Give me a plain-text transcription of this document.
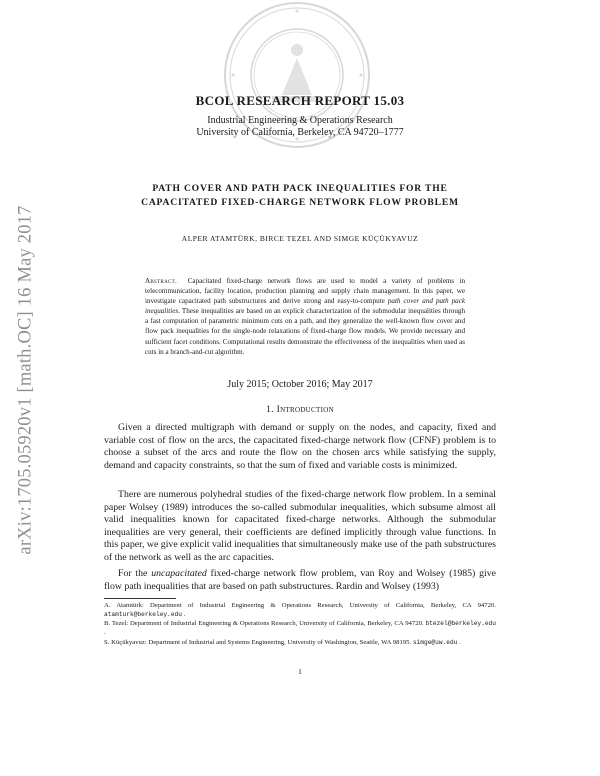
arXiv:1705.05920v1 [math.OC] 16 May 2017
BCOL RESEARCH REPORT 15.03
Industrial Engineering & Operations Research
University of California, Berkeley, CA 94720–1777
PATH COVER AND PATH PACK INEQUALITIES FOR THE
CAPACITATED FIXED-CHARGE NETWORK FLOW PROBLEM
ALPER ATAMTÜRK, BIRCE TEZEL AND SIMGE KÜÇÜKYAVUZ
Abstract. Capacitated fixed-charge network flows are used to model a variety of problems in telecommunication, facility location, production planning and supply chain management. In this paper, we investigate capacitated path substructures and derive strong and easy-to-compute path cover and path pack inequalities. These inequalities are based on an explicit characterization of the submodular inequalities through a fast computation of parametric minimum cuts on a path, and they generalize the well-known flow cover and flow pack inequalities for the single-node relaxations of fixed-charge flow models. We provide necessary and sufficient facet conditions. Computational results demonstrate the effectiveness of the inequalities when used as cuts in a branch-and-cut algorithm.
July 2015; October 2016; May 2017
1. Introduction
Given a directed multigraph with demand or supply on the nodes, and capacity, fixed and variable cost of flow on the arcs, the capacitated fixed-charge network flow (CFNF) problem is to choose a subset of the arcs and route the flow on the chosen arcs while satisfying the supply, demand and capacity constraints, so that the sum of fixed and variable costs is minimized.
There are numerous polyhedral studies of the fixed-charge network flow problem. In a seminal paper Wolsey (1989) introduces the so-called submodular inequalities, which subsume almost all valid inequalities known for capacitated fixed-charge networks. Although the submodular inequalities are very general, their coefficients are defined implicitly through value functions. In this paper, we give explicit valid inequalities that simultaneously make use of the path substructures of the network as well as the arc capacities.
For the uncapacitated fixed-charge network flow problem, van Roy and Wolsey (1985) give flow path inequalities that are based on path substructures. Rardin and Wolsey (1993)
A. Atamtürk: Department of Industrial Engineering & Operations Research, University of California, Berkeley, CA 94720. atamturk@berkeley.edu .
B. Tezel: Department of Industrial Engineering & Operations Research, University of California, Berkeley, CA 94720. btezel@berkeley.edu .
S. Küçükyavuz: Department of Industrial and Systems Engineering, University of Washington, Seattle, WA 98195. simge@uw.edu .
1
